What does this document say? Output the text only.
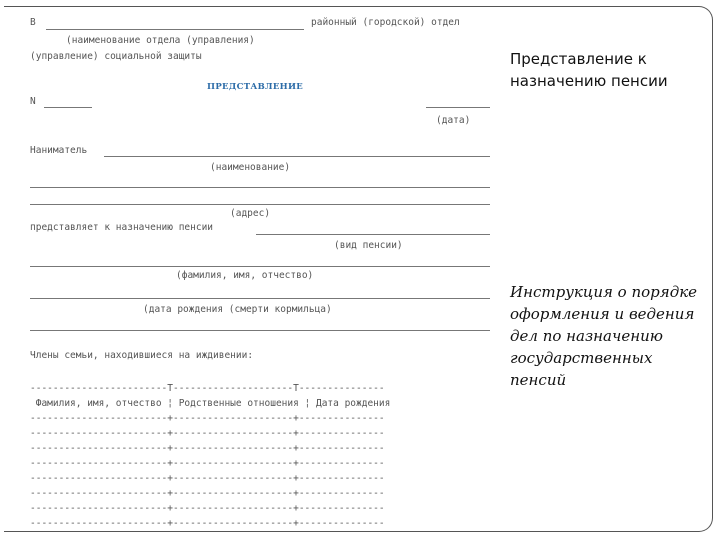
В	районный (городской) отдел
(наименование отдела (управления)
(управление) социальной защиты
ПРЕДСТАВЛЕНИЕ
N
(дата)
Наниматель
(наименование)
(адрес)
представляет к назначению пенсии
(вид пенсии)
(фамилия, имя, отчество)
(дата рождения (смерти кормильца)
Члены семьи, находившиеся на иждивении:
------------------------T---------------------T---------------
Фамилия, имя, отчество ¦ Родственные отношения ¦ Дата рождения
------------------------+---------------------+---------------
------------------------+---------------------+---------------
------------------------+---------------------+---------------
------------------------+---------------------+---------------
------------------------+---------------------+---------------
------------------------+---------------------+---------------
------------------------+---------------------+---------------
------------------------+---------------------+---------------
Представление к назначению пенсии
Инструкция о порядке оформления и ведения дел по назначению государственных пенсий
